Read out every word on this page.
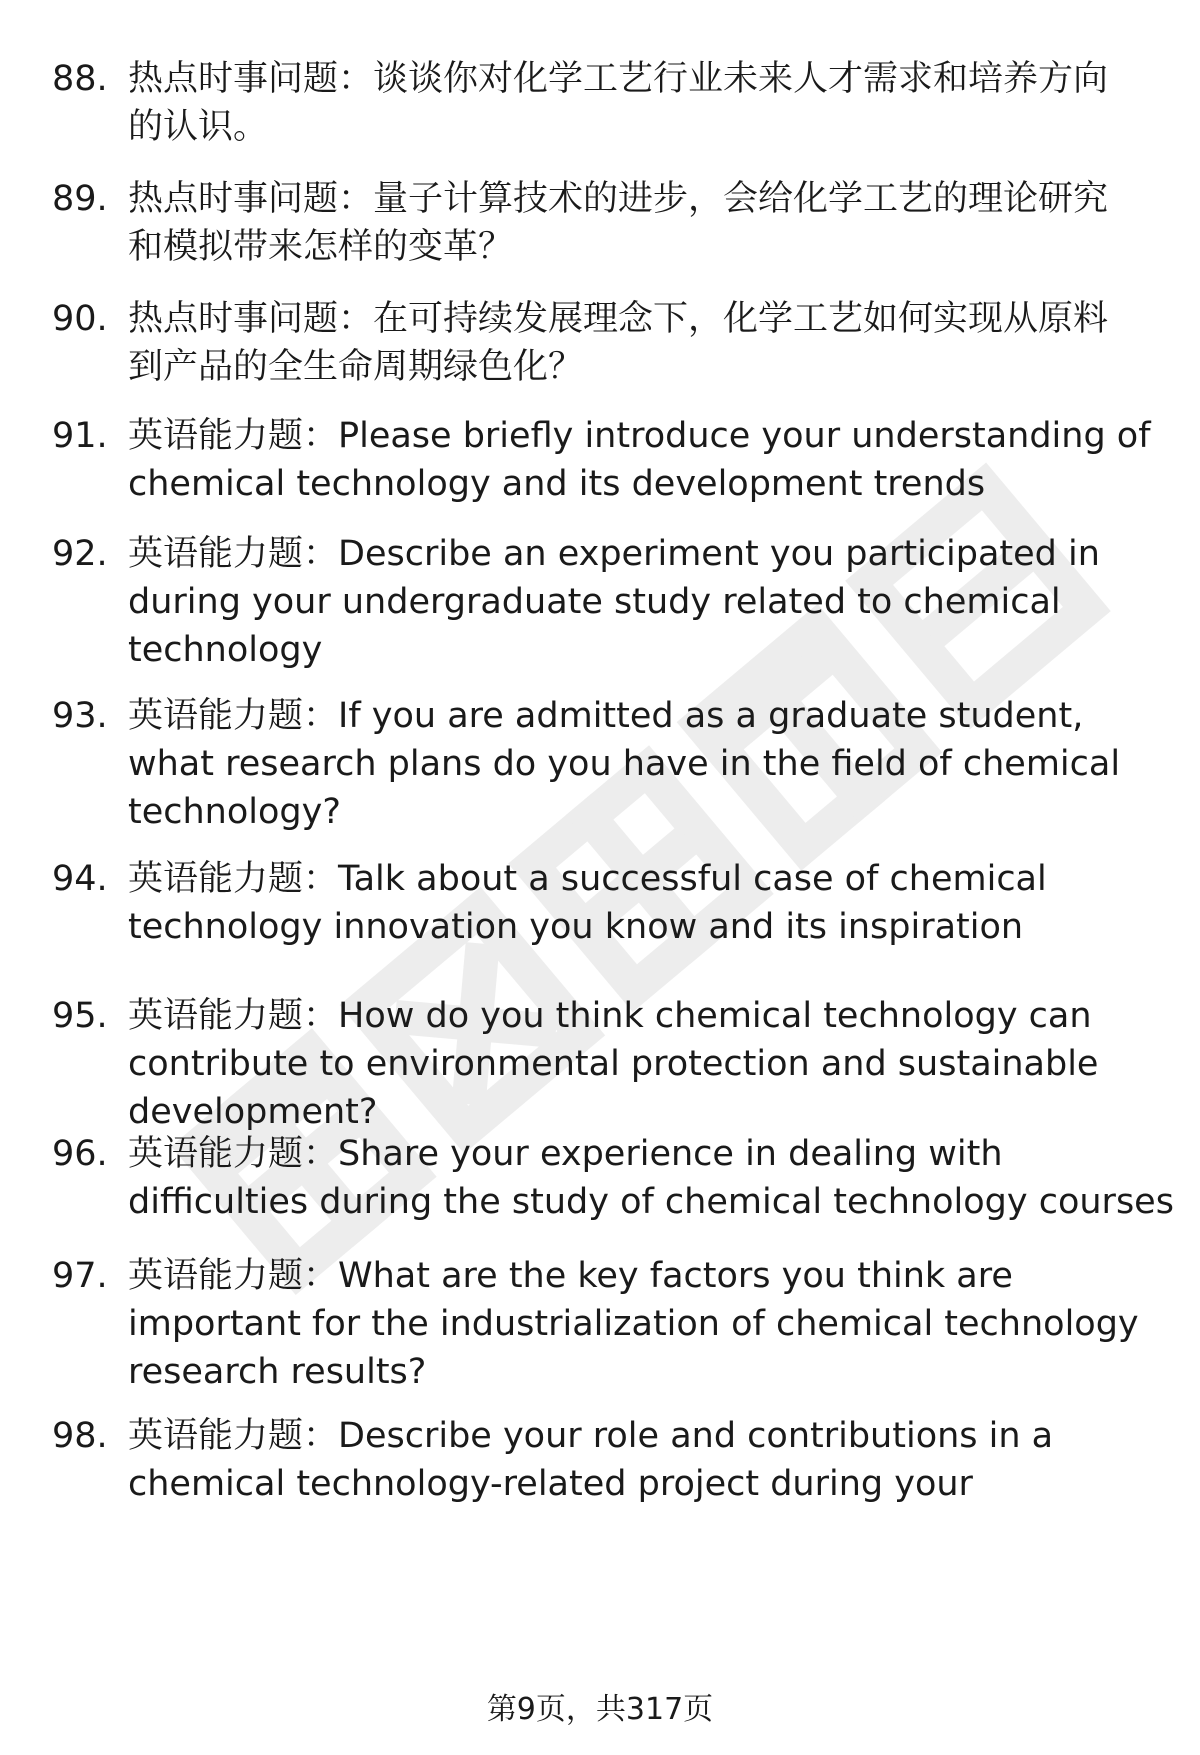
88. 热点时事问题：谈谈你对化学工艺行业未来人才需求和培养方向
的认识。
89. 热点时事问题：量子计算技术的进步，会给化学工艺的理论研究
和模拟带来怎样的变革？
90. 热点时事问题：在可持续发展理念下，化学工艺如何实现从原料
到产品的全生命周期绿色化？
91. 英语能力题：Please briefly introduce your understanding of
chemical technology and its development trends
92. 英语能力题：Describe an experiment you participated in
during your undergraduate study related to chemical
technology
93. 英语能力题：If you are admitted as a graduate student,
what research plans do you have in the field of chemical
technology?
94. 英语能力题：Talk about a successful case of chemical
technology innovation you know and its inspiration
95. 英语能力题：How do you think chemical technology can
contribute to environmental protection and sustainable
development?
96. 英语能力题：Share your experience in dealing with
difficulties during the study of chemical technology courses
97. 英语能力题：What are the key factors you think are
important for the industrialization of chemical technology
research results?
98. 英语能力题：Describe your role and contributions in a
chemical technology-related project during your
第9页，共317页
